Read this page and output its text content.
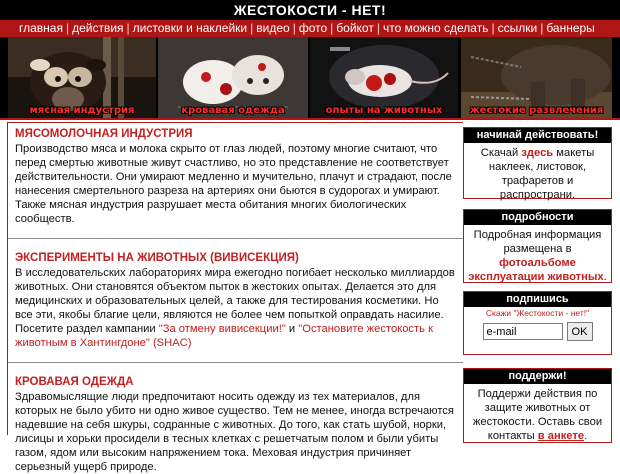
ЖЕСТОКОСТИ - НЕТ!
главная | действия | листовки и наклейки | видео | фото | бойкот | что можно сделать | ссылки | баннеры
мясная индустрия	кровавая одежда	опыты на животных	жестокие развлечения
МЯСОМОЛОЧНАЯ ИНДУСТРИЯ

Производство мяса и молока скрыто от глаз людей, поэтому многие считают, что перед смертью животные живут счастливо, но это представление не соответствует действительности. Они умирают медленно и мучительно, плачут и страдают, после нанесения смертельного разреза на артериях они бьются в судорогах и умирают. Также мясная индустрия разрушает места обитания многих биологических сообществ.

ЭКСПЕРИМЕНТЫ НА ЖИВОТНЫХ (ВИВИСЕКЦИЯ)

В исследовательских лабораториях мира ежегодно погибает несколько миллиардов животных. Они становятся объектом пыток в жестоких опытах. Делается это для медицинских и образовательных целей, а также для тестирования косметики. Но все эти, якобы благие цели, являются не более чем попыткой оправдать насилие. Посетите раздел кампании "За отмену вивисекции!" и "Остановите жестокость к животным в Хантингдоне" (SHAC)

КРОВАВАЯ ОДЕЖДА

Здравомыслящие люди предпочитают носить одежду из тех материалов, для которых не было убито ни одно живое существо. Тем не менее, иногда встречаются надевшие на себя шкуры, содранные с животных. До того, как стать шубой, норки, лисицы и хорьки просидели в тесных клетках с решетчатым полом и были убиты газом, ядом или высоким напряжением тока. Меховая индустрия причиняет серьезный ущерб природе.

начинай действовать!
Скачай здесь макеты наклеек, листовок, трафаретов и распространи.
подробности
Подробная информация размещена в фотоальбоме эксплуатации животных.
подпишись
Скажи "Жестокости - нет!"
e-mail
OK
поддержи!
Поддержи действия по защите животных от жестокости. Оставь свои контакты в анкете.
